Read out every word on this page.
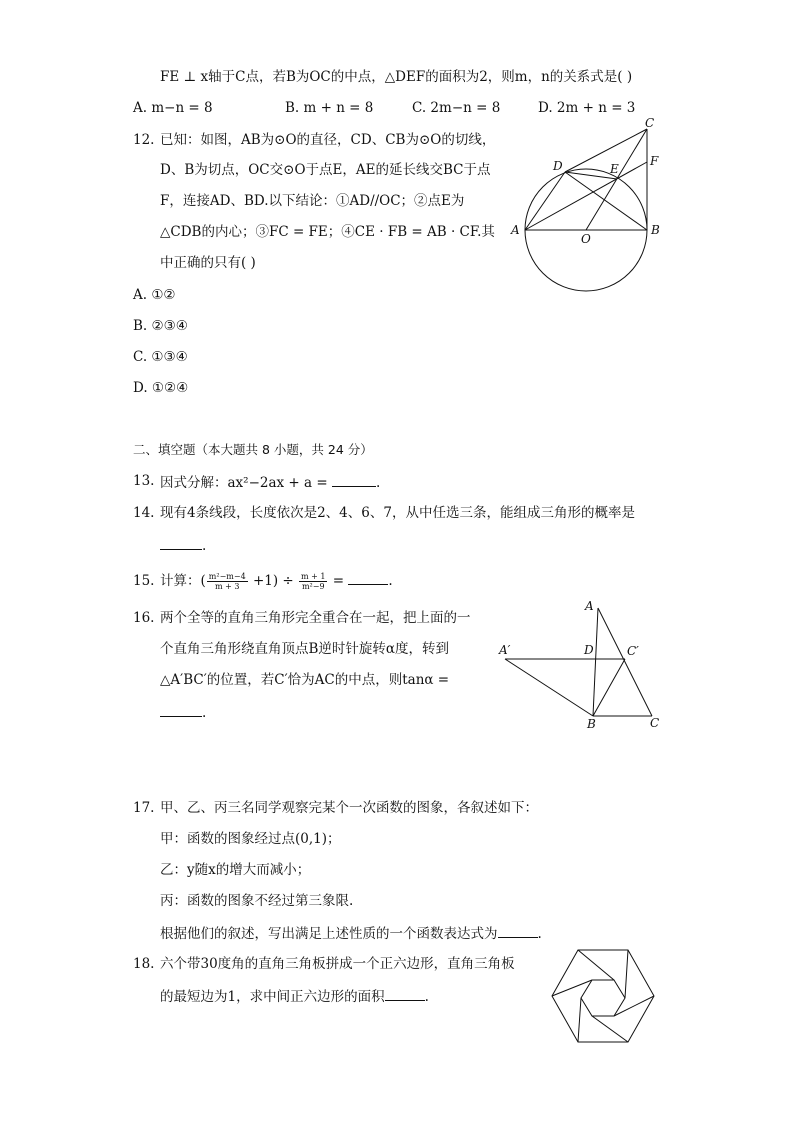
FE ⊥ x轴于C点，若B为OC的中点，△DEF的面积为2，则m，n的关系式是( )
A. m−n = 8	B. m + n = 8	C. 2m−n = 8	D. 2m + n = 3
12. 已知：如图，AB为⊙O的直径，CD、CB为⊙O的切线，
D、B为切点，OC交⊙O于点E，AE的延长线交BC于点
F，连接AD、BD.以下结论：①AD//OC；②点E为
△CDB的内心；③FC = FE；④CE · FB = AB · CF.其
中正确的只有( )
A. ①②
B. ②③④
C. ①③④
D. ①②④
A	B
C
D	E
F
O
二、填空题（本大题共 8 小题，共 24 分）
13. 因式分解：ax²−2ax + a =	.
14. 现有4条线段，长度依次是2、4、6、7，从中任选三条，能组成三角形的概率是
.
15. 计算：( $\frac{\text{m²−m−4}}{m + 3} +1) \div \frac{m + 1}{\text{m²−9}}$ =	.
16. 两个全等的直角三角形完全重合在一起，把上面的一
个直角三角形绕直角顶点B逆时针旋转α度，转到
△A′BC′的位置，若C′恰为AC的中点，则tanα =
.
A
A′	D	C′
B	C
17. 甲、乙、丙三名同学观察完某个一次函数的图象，各叙述如下：
甲：函数的图象经过点(0,1)；
乙：y随x的增大而减小；
丙：函数的图象不经过第三象限.
根据他们的叙述，写出满足上述性质的一个函数表达式为	.
18. 六个带30度角的直角三角板拼成一个正六边形，直角三角板
的最短边为1，求中间正六边形的面积	.
